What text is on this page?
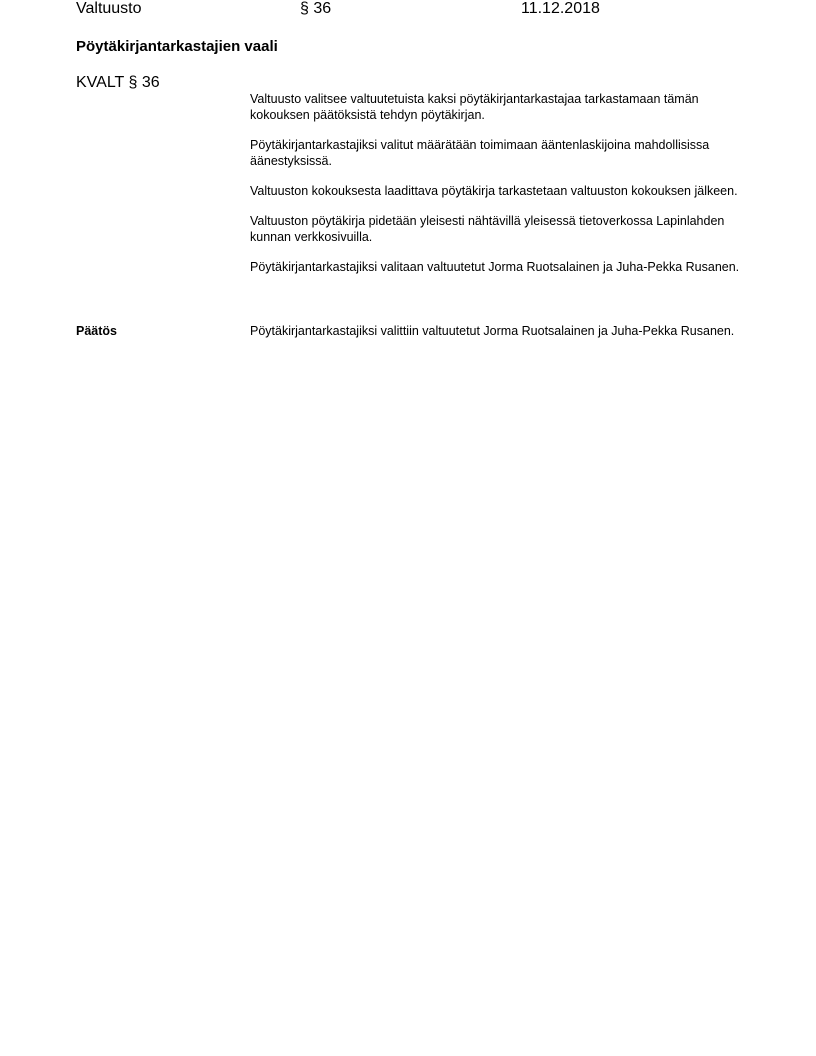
Valtuusto	§ 36	11.12.2018
Pöytäkirjantarkastajien vaali
KVALT § 36

Valtuusto valitsee valtuutetuista kaksi pöytäkirjantarkastajaa tarkastamaan tämän kokouksen päätöksistä tehdyn pöytäkirjan.

Pöytäkirjantarkastajiksi valitut määrätään toimimaan ääntenlaskijoina mahdollisissa äänestyksissä.

Valtuuston kokouksesta laadittava pöytäkirja tarkastetaan valtuuston kokouksen jälkeen.

Valtuuston pöytäkirja pidetään yleisesti nähtävillä yleisessä tietoverkossa Lapinlahden kunnan verkkosivuilla.

Pöytäkirjantarkastajiksi valitaan valtuutetut Jorma Ruotsalainen ja Juha-Pekka Rusanen.

Päätös	Pöytäkirjantarkastajiksi valittiin valtuutetut Jorma Ruotsalainen ja Juha-Pekka Rusanen.
